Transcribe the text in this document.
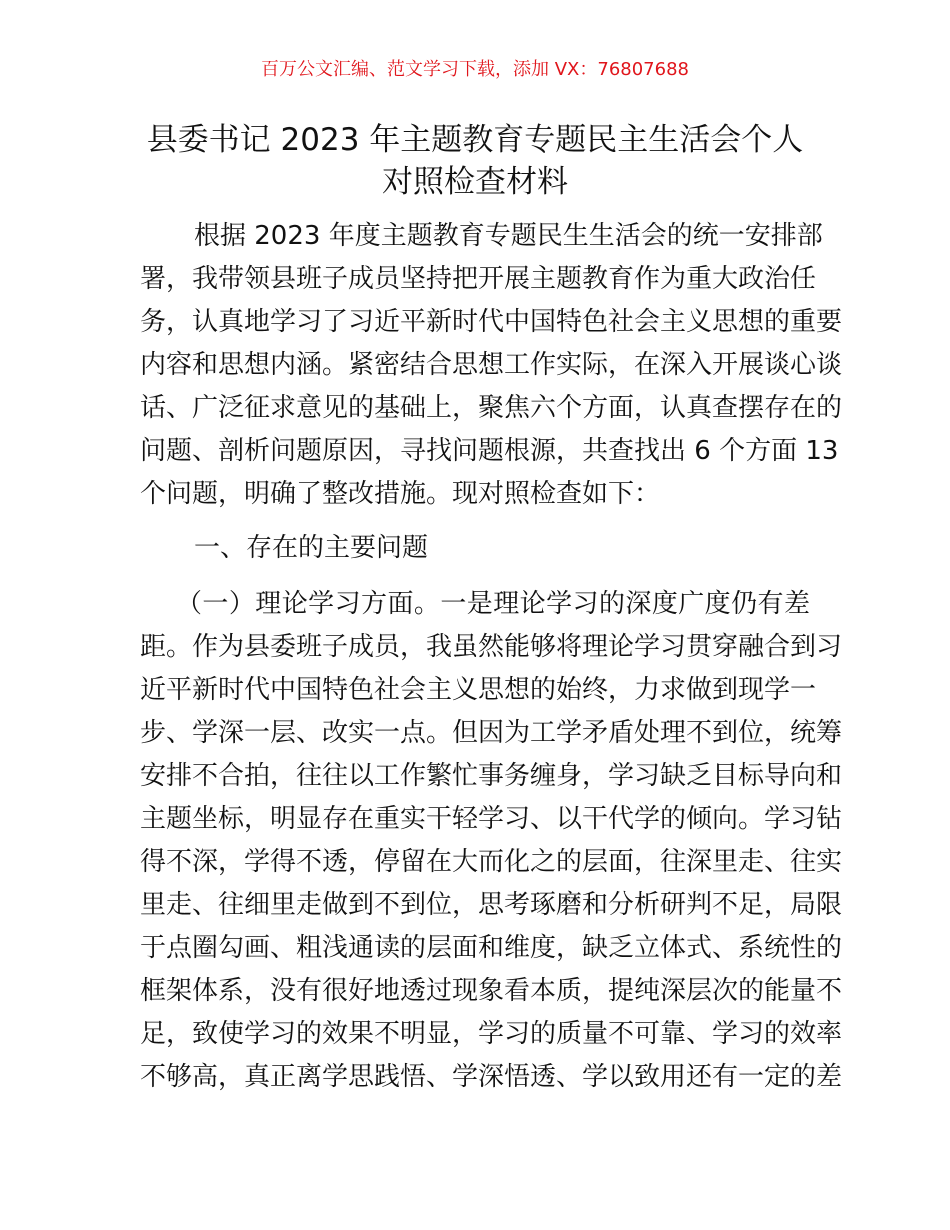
百万公文汇编、范文学习下载，添加 VX：76807688
县委书记 2023 年主题教育专题民主生活会个人
对照检查材料
根据 2023 年度主题教育专题民生生活会的统一安排部
署，我带领县班子成员坚持把开展主题教育作为重大政治任
务，认真地学习了习近平新时代中国特色社会主义思想的重要
内容和思想内涵。紧密结合思想工作实际，在深入开展谈心谈
话、广泛征求意见的基础上，聚焦六个方面，认真查摆存在的
问题、剖析问题原因，寻找问题根源，共查找出 6 个方面 13
个问题，明确了整改措施。现对照检查如下：
一、存在的主要问题
（一）理论学习方面。一是理论学习的深度广度仍有差
距。作为县委班子成员，我虽然能够将理论学习贯穿融合到习
近平新时代中国特色社会主义思想的始终，力求做到现学一
步、学深一层、改实一点。但因为工学矛盾处理不到位，统筹
安排不合拍，往往以工作繁忙事务缠身，学习缺乏目标导向和
主题坐标，明显存在重实干轻学习、以干代学的倾向。学习钻
得不深，学得不透，停留在大而化之的层面，往深里走、往实
里走、往细里走做到不到位，思考琢磨和分析研判不足，局限
于点圈勾画、粗浅通读的层面和维度，缺乏立体式、系统性的
框架体系，没有很好地透过现象看本质，提纯深层次的能量不
足，致使学习的效果不明显，学习的质量不可靠、学习的效率
不够高，真正离学思践悟、学深悟透、学以致用还有一定的差
